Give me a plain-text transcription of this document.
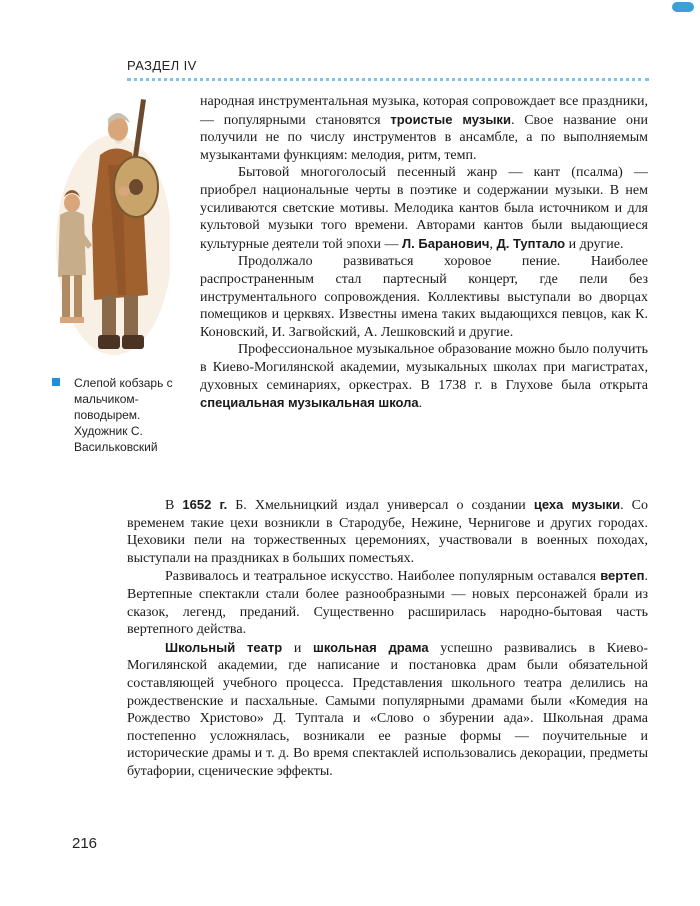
РАЗДЕЛ IV
Слепой кобзарь с мальчиком-поводырем. Художник С. Васильковский

народная инструментальная музыка, которая сопровождает все праздники,— популярными становятся троистые музыки. Свое название они получили не по числу инструментов в ансамбле, а по выполняемым музыкантами функциям: мелодия, ритм, темп.

Бытовой многоголосый песенный жанр — кант (псалма) — приобрел национальные черты в поэтике и содержании музыки. В нем усиливаются светские мотивы. Мелодика кантов была источником и для культовой музыки того времени. Авторами кантов были выдающиеся культурные деятели той эпохи — Л. Баранович, Д. Туптало и другие.

Продолжало развиваться хоровое пение. Наиболее распространенным стал партесный концерт, где пели без инструментального сопровождения. Коллективы выступали во дворцах помещиков и церквях. Известны имена таких выдающихся певцов, как К. Коновский, И. Загвойский, А. Лешковский и другие.

Профессиональное музыкальное образование можно было получить в Киево-Могилянской академии, музыкальных школах при магистратах, духовных семинариях, оркестрах. В 1738 г. в Глухове была открыта специальная музыкальная школа.

В 1652 г. Б. Хмельницкий издал универсал о создании цеха музыки. Со временем такие цехи возникли в Стародубе, Нежине, Чернигове и других городах. Цеховики пели на торжественных церемониях, участвовали в военных походах, выступали на праздниках в больших поместьях.

Развивалось и театральное искусство. Наиболее популярным оставался вертеп. Вертепные спектакли стали более разнообразными — новых персонажей брали из сказок, легенд, преданий. Существенно расширилась народно-бытовая часть вертепного действа.

Школьный театр и школьная драма успешно развивались в Киево-Могилянской академии, где написание и постановка драм были обязательной составляющей учебного процесса. Представления школьного театра делились на рождественские и пасхальные. Самыми популярными драмами были «Комедия на Рождество Христово» Д. Туптала и «Слово о збурении ада». Школьная драма постепенно усложнялась, возникали ее разные формы — поучительные и исторические драмы и т. д. Во время спектаклей использовались декорации, предметы бутафории, сценические эффекты.

216
